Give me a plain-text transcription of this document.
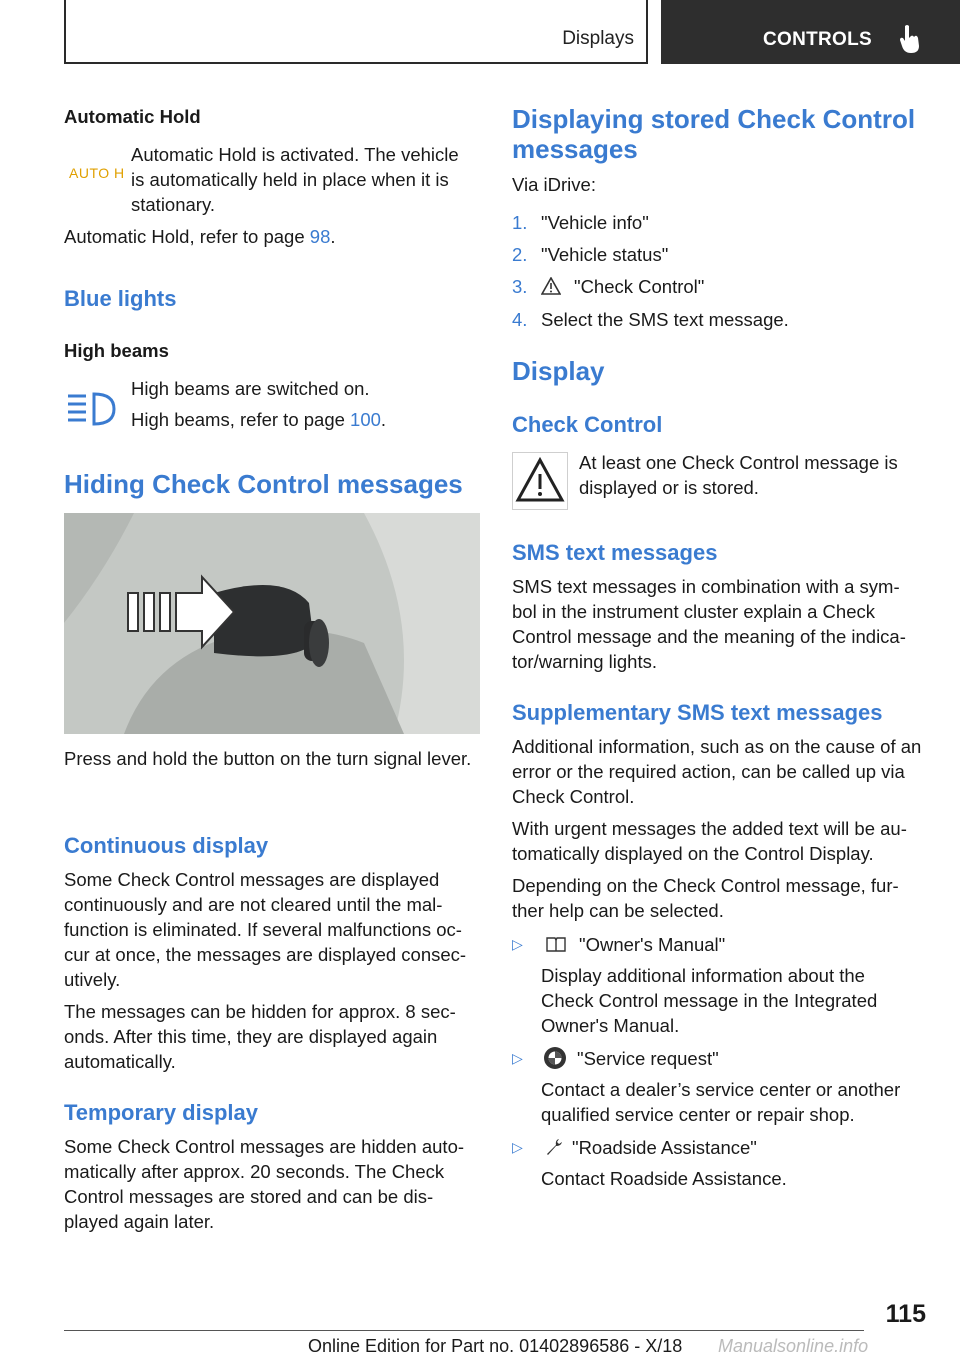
Displays	CONTROLS
Automatic Hold
AUTO H

Automatic Hold is activated. The vehicle is automatically held in place when it is stationary.

Automatic Hold, refer to page 98.

Blue lights
High beams

High beams are switched on.

High beams, refer to page 100.

Hiding Check Control messages

Press and hold the button on the turn signal lever.

Continuous display

Some Check Control messages are displayed continuously and are not cleared until the mal-function is eliminated. If several malfunctions oc-cur at once, the messages are displayed consec-utively.

The messages can be hidden for approx. 8 sec-onds. After this time, they are displayed again automatically.

Temporary display

Some Check Control messages are hidden auto-matically after approx. 20 seconds. The Check Control messages are stored and can be dis-played again later.

Displaying stored Check Control messages

Via iDrive:

1. "Vehicle info"

2. "Vehicle status"

3.	"Check Control"

4. Select the SMS text message.

Display
Check Control

At least one Check Control message is displayed or is stored.

SMS text messages

SMS text messages in combination with a sym-bol in the instrument cluster explain a Check Control message and the meaning of the indica-tor/warning lights.

Supplementary SMS text messages

Additional information, such as on the cause of an error or the required action, can be called up via Check Control.

With urgent messages the added text will be au-tomatically displayed on the Control Display.

Depending on the Check Control message, fur-ther help can be selected.

▷	"Owner's Manual"

Display additional information about the Check Control message in the Integrated Owner's Manual.

▷	"Service request"

Contact a dealer’s service center or another qualified service center or repair shop.

▷	"Roadside Assistance"

Contact Roadside Assistance.

115
Online Edition for Part no. 01402896586 - X/18 Manualsonline.info
